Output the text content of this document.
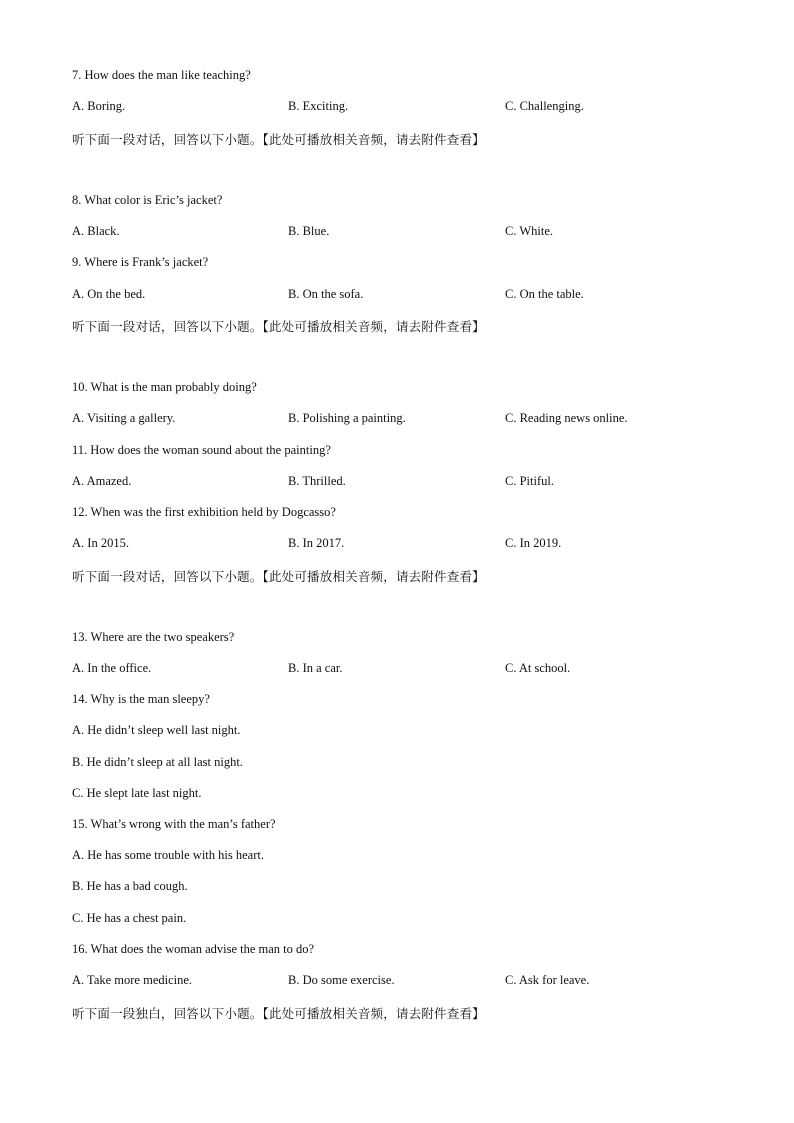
7. How does the man like teaching?
A. Boring.	B. Exciting.	C. Challenging.
听下面一段对话，回答以下小题。【此处可播放相关音频，请去附件查看】
8. What color is Eric’s jacket?
A. Black.	B. Blue.	C. White.
9. Where is Frank’s jacket?
A. On the bed.	B. On the sofa.	C. On the table.
听下面一段对话，回答以下小题。【此处可播放相关音频，请去附件查看】
10. What is the man probably doing?
A. Visiting a gallery.	B. Polishing a painting.	C. Reading news online.
11. How does the woman sound about the painting?
A. Amazed.	B. Thrilled.	C. Pitiful.
12. When was the first exhibition held by Dogcasso?
A. In 2015.	B. In 2017.	C. In 2019.
听下面一段对话，回答以下小题。【此处可播放相关音频，请去附件查看】
13. Where are the two speakers?
A. In the office.	B. In a car.	C. At school.
14. Why is the man sleepy?
A. He didn’t sleep well last night.
B. He didn’t sleep at all last night.
C. He slept late last night.
15. What’s wrong with the man’s father?
A. He has some trouble with his heart.
B. He has a bad cough.
C. He has a chest pain.
16. What does the woman advise the man to do?
A. Take more medicine.	B. Do some exercise.	C. Ask for leave.
听下面一段独白，回答以下小题。【此处可播放相关音频，请去附件查看】
